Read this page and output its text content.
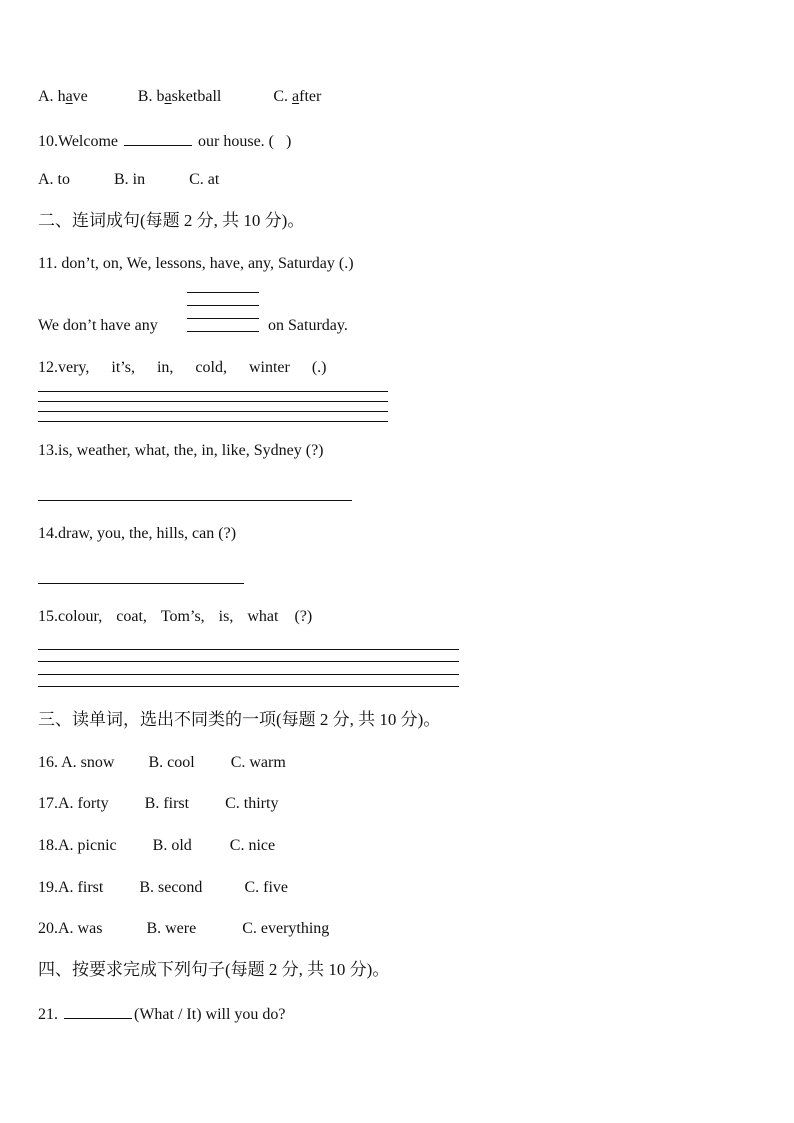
A. have	B. basketball	C. after
10.Welcome	our house. (   )
A. to	B. in	C. at
二、连词成句(每题 2 分, 共 10 分)。
11. don’t, on, We, lessons, have, any, Saturday (.)
We don’t have any	on Saturday.
12.very, it’s, in, cold, winter (.)
13.is, weather, what, the, in, like, Sydney (?)
14.draw, you, the, hills, can (?)
15.colour, coat, Tom’s, is, what (?)
三、读单词，选出不同类的一项(每题 2 分, 共 10 分)。
16. A. snow B. cool C. warm
17.A. forty B. first C. thirty
18.A. picnic B. old C. nice
19.A. first B. second	C. five
20.A. was	B. were	C. everything
四、按要求完成下列句子(每题 2 分, 共 10 分)。
21.	(What / It) will you do?
